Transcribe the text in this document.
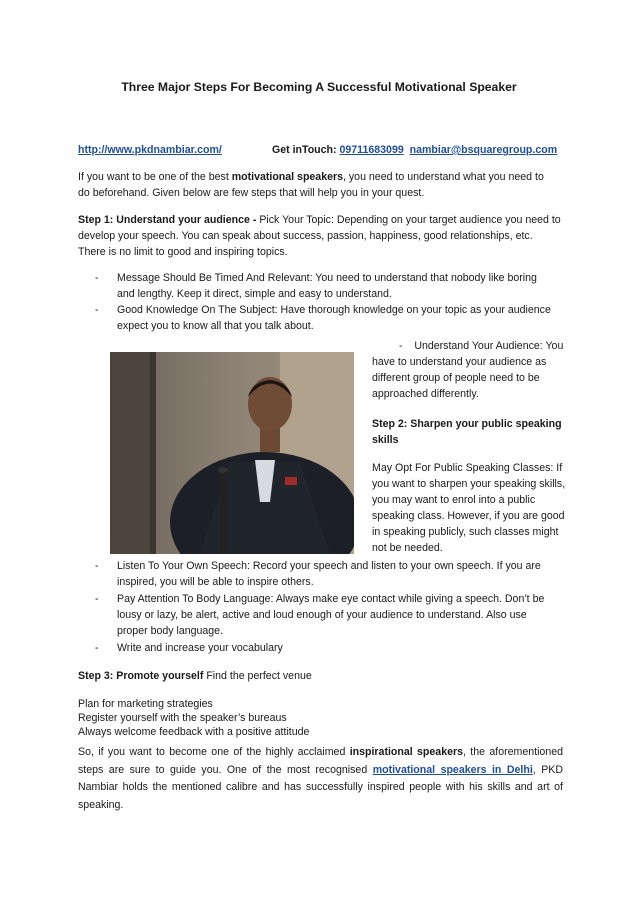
Three Major Steps For Becoming A Successful Motivational Speaker

http://www.pkdnambiar.com/	Get inTouch: 09711683099 nambiar@bsquaregroup.com

If you want to be one of the best motivational speakers, you need to understand what you need to

do beforehand. Given below are few steps that will help you in your quest.

Step 1: Understand your audience - Pick Your Topic: Depending on your target audience you need to

develop your speech. You can speak about success, passion, happiness, good relationships, etc.

There is no limit to good and inspiring topics.

- Message Should Be Timed And Relevant: You need to understand that nobody like boring
and lengthy. Keep it direct, simple and easy to understand.
- Good Knowledge On The Subject: Have thorough knowledge on your topic as your audience
expect you to know all that you talk about.
- Understand Your Audience: You
have to understand your audience as
different group of people need to be
approached differently.
Step 2: Sharpen your public speaking
skills
May Opt For Public Speaking Classes: If
you want to sharpen your speaking skills,
you may want to enrol into a public
speaking class. However, if you are good
in speaking publicly, such classes might
not be needed.
- Listen To Your Own Speech: Record your speech and listen to your own speech. If you are
inspired, you will be able to inspire others.
- Pay Attention To Body Language: Always make eye contact while giving a speech. Don’t be
lousy or lazy, be alert, active and loud enough of your audience to understand. Also use
proper body language.
- Write and increase your vocabulary

Step 3: Promote yourself Find the perfect venue

Plan for marketing strategies
Register yourself with the speaker’s bureaus
Always welcome feedback with a positive attitude
So, if you want to become one of the highly acclaimed inspirational speakers, the aforementioned
steps are sure to guide you. One of the most recognised motivational speakers in Delhi, PKD
Nambiar holds the mentioned calibre and has successfully inspired people with his skills and art of
speaking.
